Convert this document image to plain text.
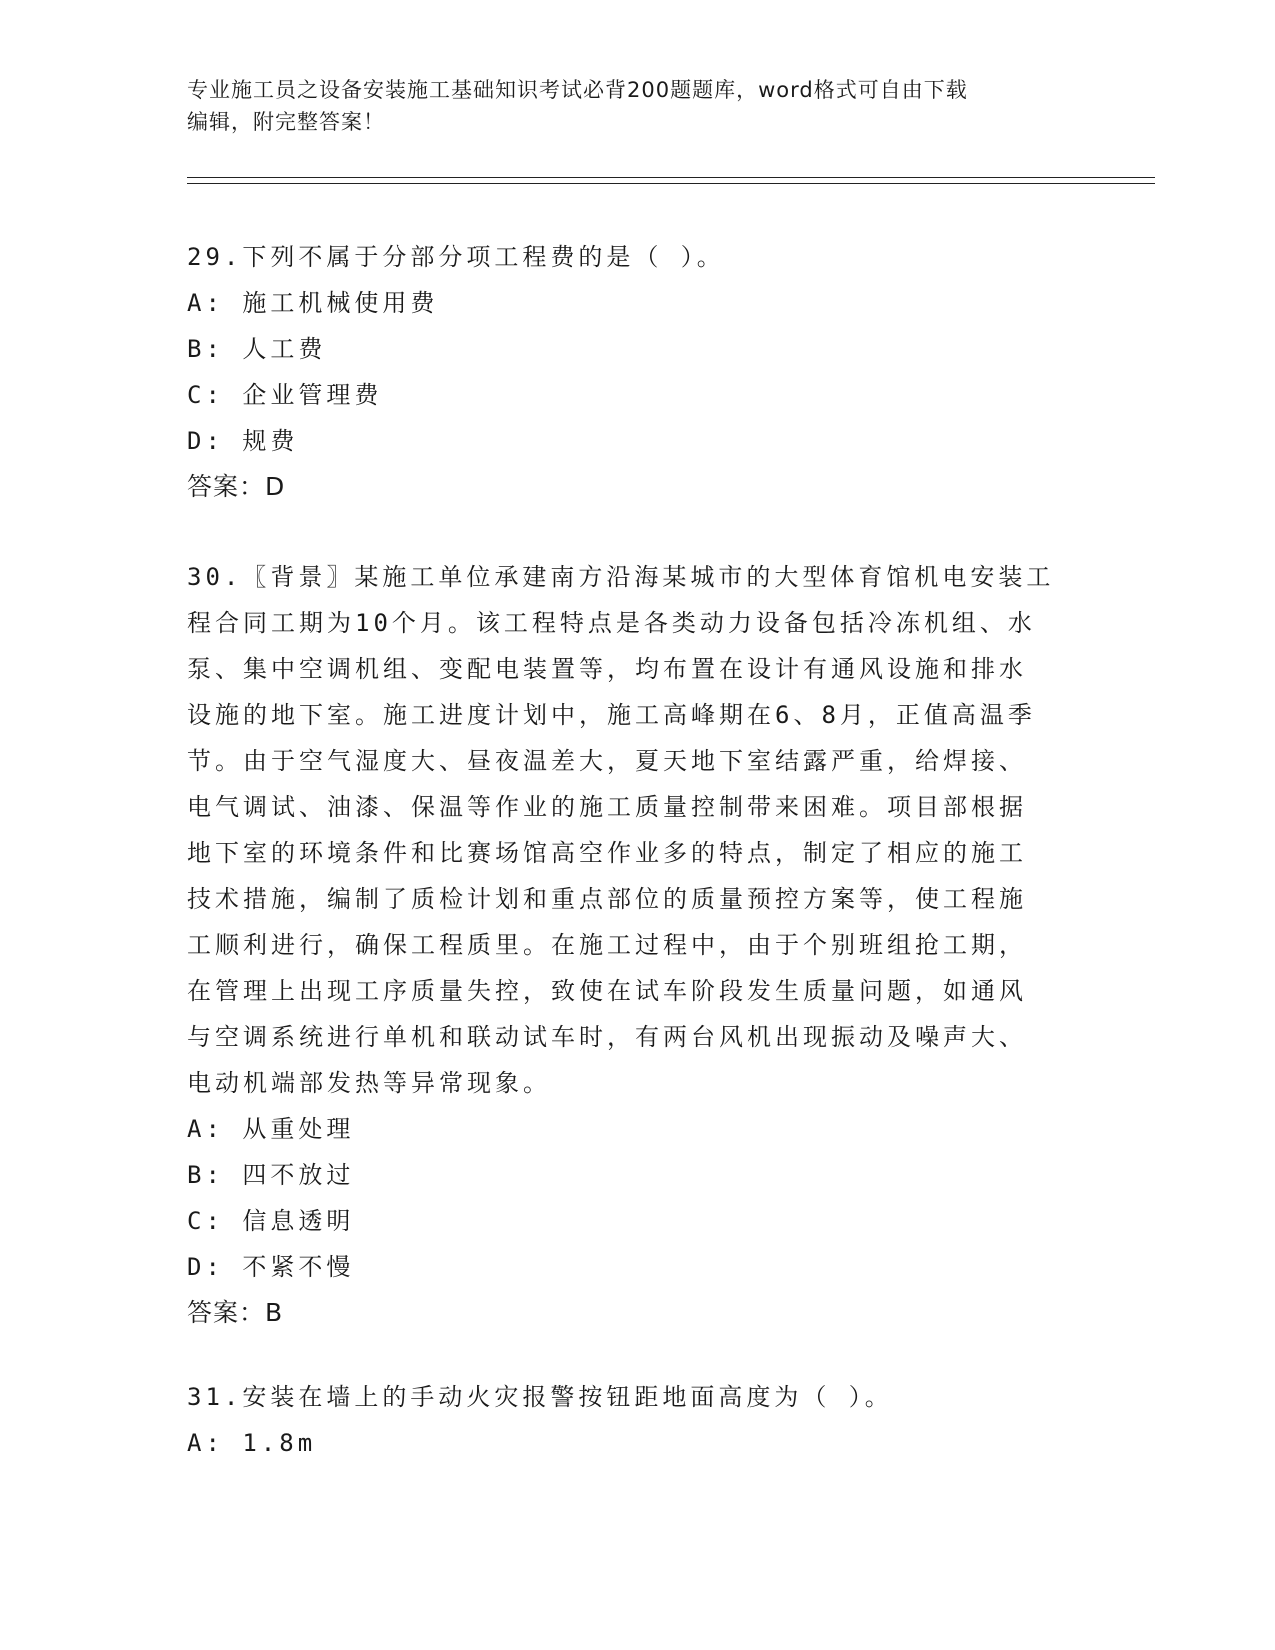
专业施工员之设备安装施工基础知识考试必背200题题库，word格式可自由下载
编辑，附完整答案！
29.下列不属于分部分项工程费的是（ ）。
A: 施工机械使用费
B: 人工费
C: 企业管理费
D: 规费
答案：D
30.〖背景〗某施工单位承建南方沿海某城市的大型体育馆机电安装工
程合同工期为10个月。该工程特点是各类动力设备包括冷冻机组、水
泵、集中空调机组、变配电装置等，均布置在设计有通风设施和排水
设施的地下室。施工进度计划中，施工高峰期在6、8月，正值高温季
节。由于空气湿度大、昼夜温差大，夏天地下室结露严重，给焊接、
电气调试、油漆、保温等作业的施工质量控制带来困难。项目部根据
地下室的环境条件和比赛场馆高空作业多的特点，制定了相应的施工
技术措施，编制了质检计划和重点部位的质量预控方案等，使工程施
工顺利进行，确保工程质里。在施工过程中，由于个别班组抢工期，
在管理上出现工序质量失控，致使在试车阶段发生质量问题，如通风
与空调系统进行单机和联动试车时，有两台风机出现振动及噪声大、
电动机端部发热等异常现象。
A: 从重处理
B: 四不放过
C: 信息透明
D: 不紧不慢
答案：B
31.安装在墙上的手动火灾报警按钮距地面高度为（ ）。
A: 1.8m
